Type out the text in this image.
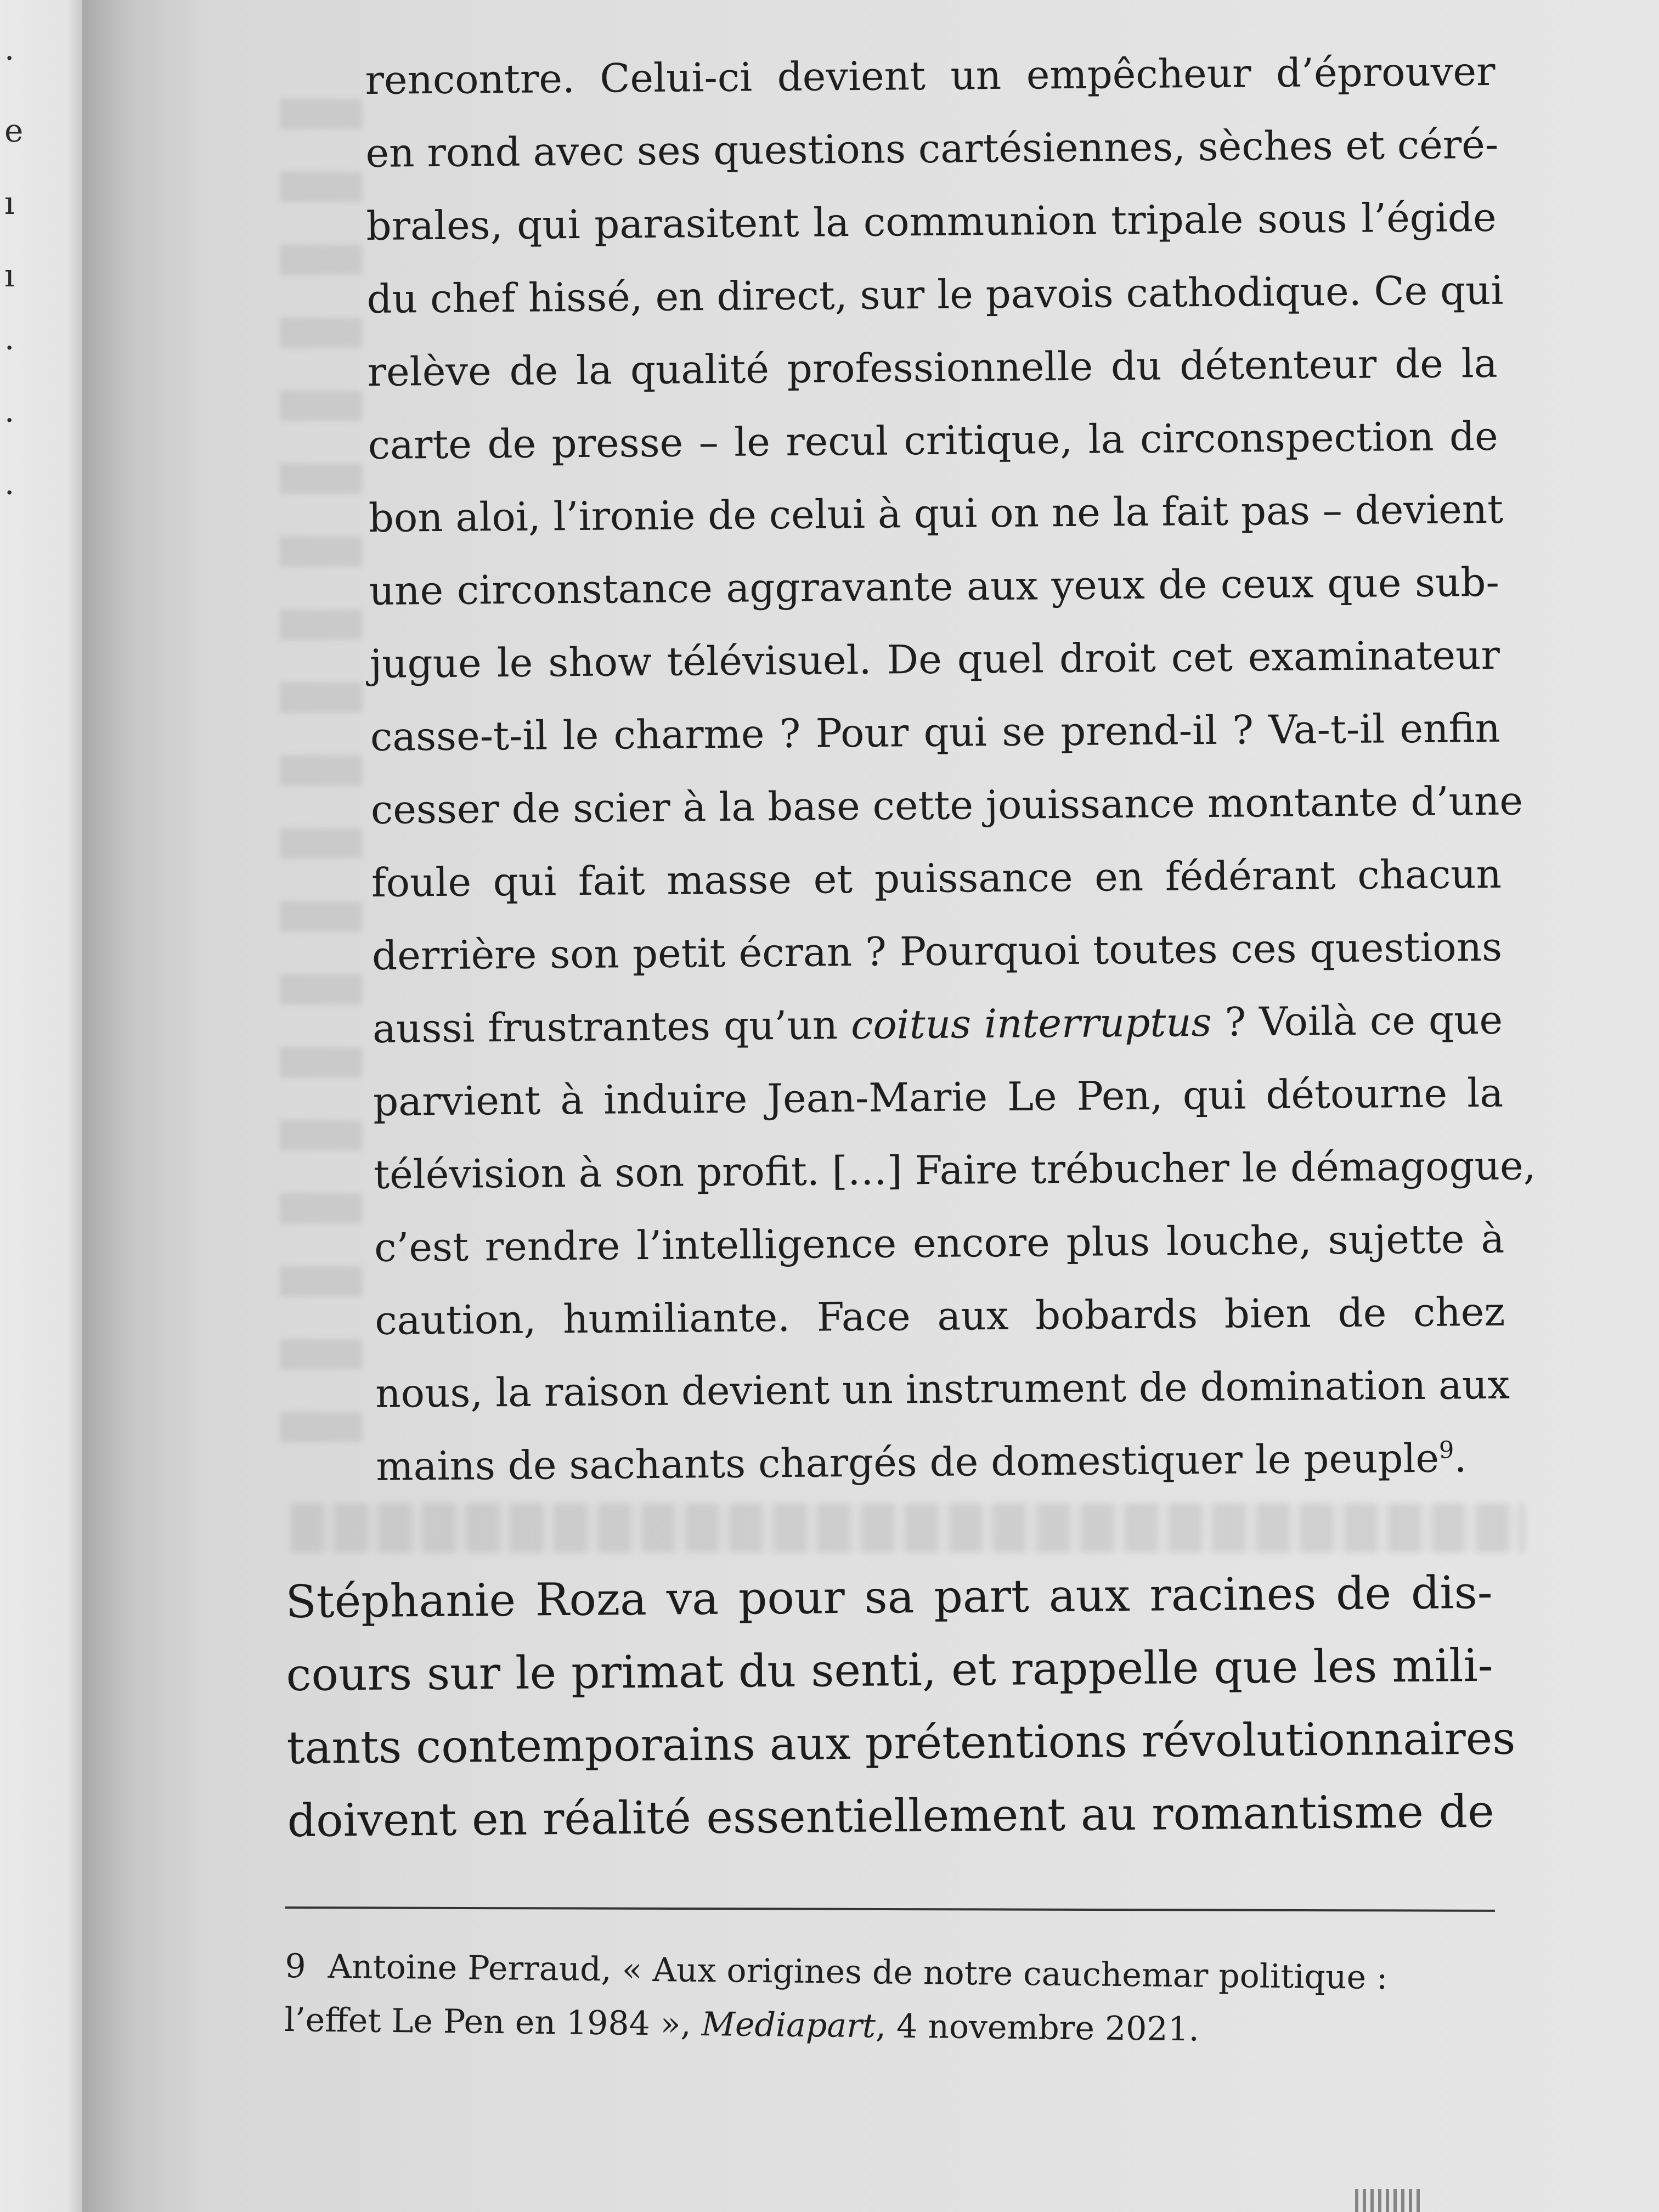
·
e
ı
ı
·
·
·
rencontre. Celui-ci devient un empêcheur d’éprouver
en rond avec ses questions cartésiennes, sèches et céré-
brales, qui parasitent la communion tripale sous l’égide
du chef hissé, en direct, sur le pavois cathodique. Ce qui
relève de la qualité professionnelle du détenteur de la
carte de presse – le recul critique, la circonspection de
bon aloi, l’ironie de celui à qui on ne la fait pas – devient
une circonstance aggravante aux yeux de ceux que sub-
jugue le show télévisuel. De quel droit cet examinateur
casse-t-il le charme ? Pour qui se prend-il ? Va-t-il enfin
cesser de scier à la base cette jouissance montante d’une
foule qui fait masse et puissance en fédérant chacun
derrière son petit écran ? Pourquoi toutes ces questions
aussi frustrantes qu’un coitus interruptus ? Voilà ce que
parvient à induire Jean-Marie Le Pen, qui détourne la
télévision à son profit. […] Faire trébucher le démagogue,
c’est rendre l’intelligence encore plus louche, sujette à
caution, humiliante. Face aux bobards bien de chez
nous, la raison devient un instrument de domination aux
mains de sachants chargés de domestiquer le peuple$^9$.
Stéphanie Roza va pour sa part aux racines de dis-
cours sur le primat du senti, et rappelle que les mili-
tants contemporains aux prétentions révolutionnaires
doivent en réalité essentiellement au romantisme de
9 Antoine Perraud, « Aux origines de notre cauchemar politique :
l’effet Le Pen en 1984 », Mediapart, 4 novembre 2021.
